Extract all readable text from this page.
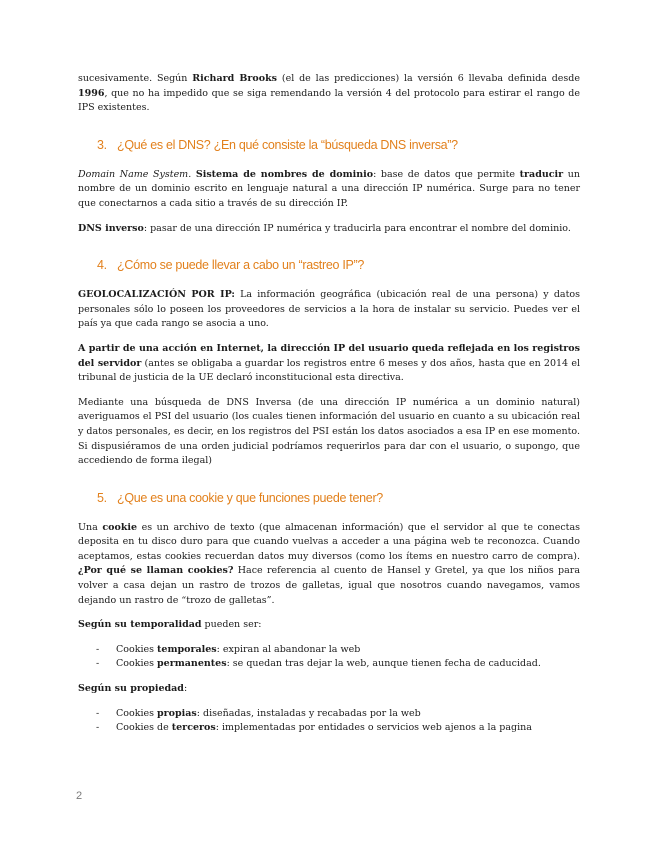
sucesivamente. Según Richard Brooks (el de las predicciones) la versión 6 llevaba definida desde 1996, que no ha impedido que se siga remendando la versión 4 del protocolo para estirar el rango de IPS existentes.

3. ¿Qué es el DNS? ¿En qué consiste la “búsqueda DNS inversa”?

Domain Name System. Sistema de nombres de dominio: base de datos que permite traducir un nombre de un dominio escrito en lenguaje natural a una dirección IP numérica. Surge para no tener que conectarnos a cada sitio a través de su dirección IP.

DNS inverso: pasar de una dirección IP numérica y traducirla para encontrar el nombre del dominio.

4. ¿Cómo se puede llevar a cabo un “rastreo IP”?

GEOLOCALIZACIÓN POR IP: La información geográfica (ubicación real de una persona) y datos personales sólo lo poseen los proveedores de servicios a la hora de instalar su servicio. Puedes ver el país ya que cada rango se asocia a uno.

A partir de una acción en Internet, la dirección IP del usuario queda reflejada en los registros del servidor (antes se obligaba a guardar los registros entre 6 meses y dos años, hasta que en 2014 el tribunal de justicia de la UE declaró inconstitucional esta directiva.

Mediante una búsqueda de DNS Inversa (de una dirección IP numérica a un dominio natural) averiguamos el PSI del usuario (los cuales tienen información del usuario en cuanto a su ubicación real y datos personales, es decir, en los registros del PSI están los datos asociados a esa IP en ese momento. Si dispusiéramos de una orden judicial podríamos requerirlos para dar con el usuario, o supongo, que accediendo de forma ilegal)

5. ¿Que es una cookie y que funciones puede tener?

Una cookie es un archivo de texto (que almacenan información) que el servidor al que te conectas deposita en tu disco duro para que cuando vuelvas a acceder a una página web te reconozca. Cuando aceptamos, estas cookies recuerdan datos muy diversos (como los ítems en nuestro carro de compra). ¿Por qué se llaman cookies? Hace referencia al cuento de Hansel y Gretel, ya que los niños para volver a casa dejan un rastro de trozos de galletas, igual que nosotros cuando navegamos, vamos dejando un rastro de “trozo de galletas”.

Según su temporalidad pueden ser:

- Cookies temporales: expiran al abandonar la web
- Cookies permanentes: se quedan tras dejar la web, aunque tienen fecha de caducidad.

Según su propiedad:

- Cookies propias: diseñadas, instaladas y recabadas por la web
- Cookies de terceros: implementadas por entidades o servicios web ajenos a la pagina
2
